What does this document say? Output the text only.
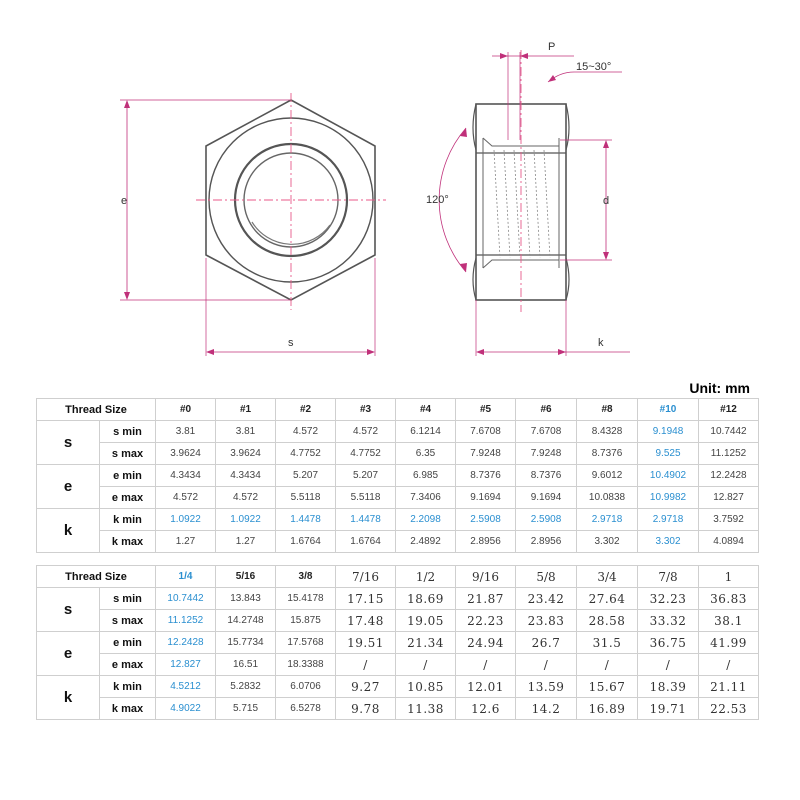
e
s
P
15~30°
120°	d
k
Unit: mm
Thread Size		#0	#1	#2	#3	#4	#5	#6	#8	#10	#12
s	s min	3.81	3.81	4.572	4.572	6.1214	7.6708	7.6708	8.4328	9.1948	10.7442
	s max	3.9624	3.9624	4.7752	4.7752	6.35	7.9248	7.9248	8.7376	9.525	11.1252
e	e min	4.3434	4.3434	5.207	5.207	6.985	8.7376	8.7376	9.6012	10.4902	12.2428
	e max	4.572	4.572	5.5118	5.5118	7.3406	9.1694	9.1694	10.0838	10.9982	12.827
k	k min	1.0922	1.0922	1.4478	1.4478	2.2098	2.5908	2.5908	2.9718	2.9718	3.7592
	k max	1.27	1.27	1.6764	1.6764	2.4892	2.8956	2.8956	3.302	3.302	4.0894
Thread Size		1/4	5/16	3/8	7/16	1/2	9/16	5/8	3/4	7/8	1
s	s min	10.7442	13.843	15.4178	17.15	18.69	21.87	23.42	27.64	32.23	36.83
	s max	11.1252	14.2748	15.875	17.48	19.05	22.23	23.83	28.58	33.32	38.1
e	e min	12.2428	15.7734	17.5768	19.51	21.34	24.94	26.7	31.5	36.75	41.99
	e max	12.827	16.51	18.3388	/	/	/	/	/	/	/
k	k min	4.5212	5.2832	6.0706	9.27	10.85	12.01	13.59	15.67	18.39	21.11
	k max	4.9022	5.715	6.5278	9.78	11.38	12.6	14.2	16.89	19.71	22.53
